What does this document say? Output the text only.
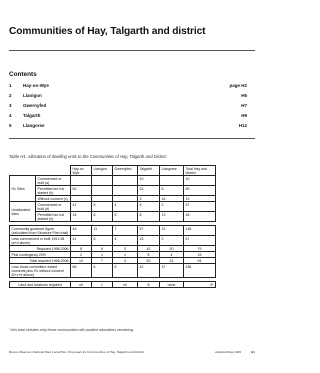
Communities of Hay, Talgarth and district
Contents
1	Hay-on-Wye	page H2
2	Llanigon	H5
3	Gwernyfed	H7
4	Talgarth	H9
5	Llangorse	H12
Table H1. Allocation of dwelling units to the Communities of Hay, Talgarth and District
		Hay on Wye	Llanigon	Gwernyfed	Talgarth	Llangorse	Total Hay and district
H1 Sites	Commenced or built (a)				10		10
	Permitted but not started (b)	50			31	8	89
	Without consent (c)				3	16	19
Unallocated sites	Commenced or built (d)	41	5	4	5	2	57
	Permitted but not started (e)	16	6	5	8	13	48

Community guidance figure (calculated from Structure Plan total)		49	11	7	57	22	146
Less commenced or built 1991-98 (a+d above)		41	5	4	15	2	67
Required 1998-2006		8	6	3	42	20	79
Plus contingency 20%		2	1	1	8	4	15
Total required 1998-2006		10	7	3	50	24	94
Less those committed: extant consents plus H1 without consent (b+c+e above)		66	6	5	42	37	156

Land and locations required		nil	1	nil	8	none	9*
* this total includes only those communities with positive allocations remaining
Brecon Beacons National Park Local Plan: Proposals for Communities of Hay, Talgarth and District	Adopted May 1999	H1
